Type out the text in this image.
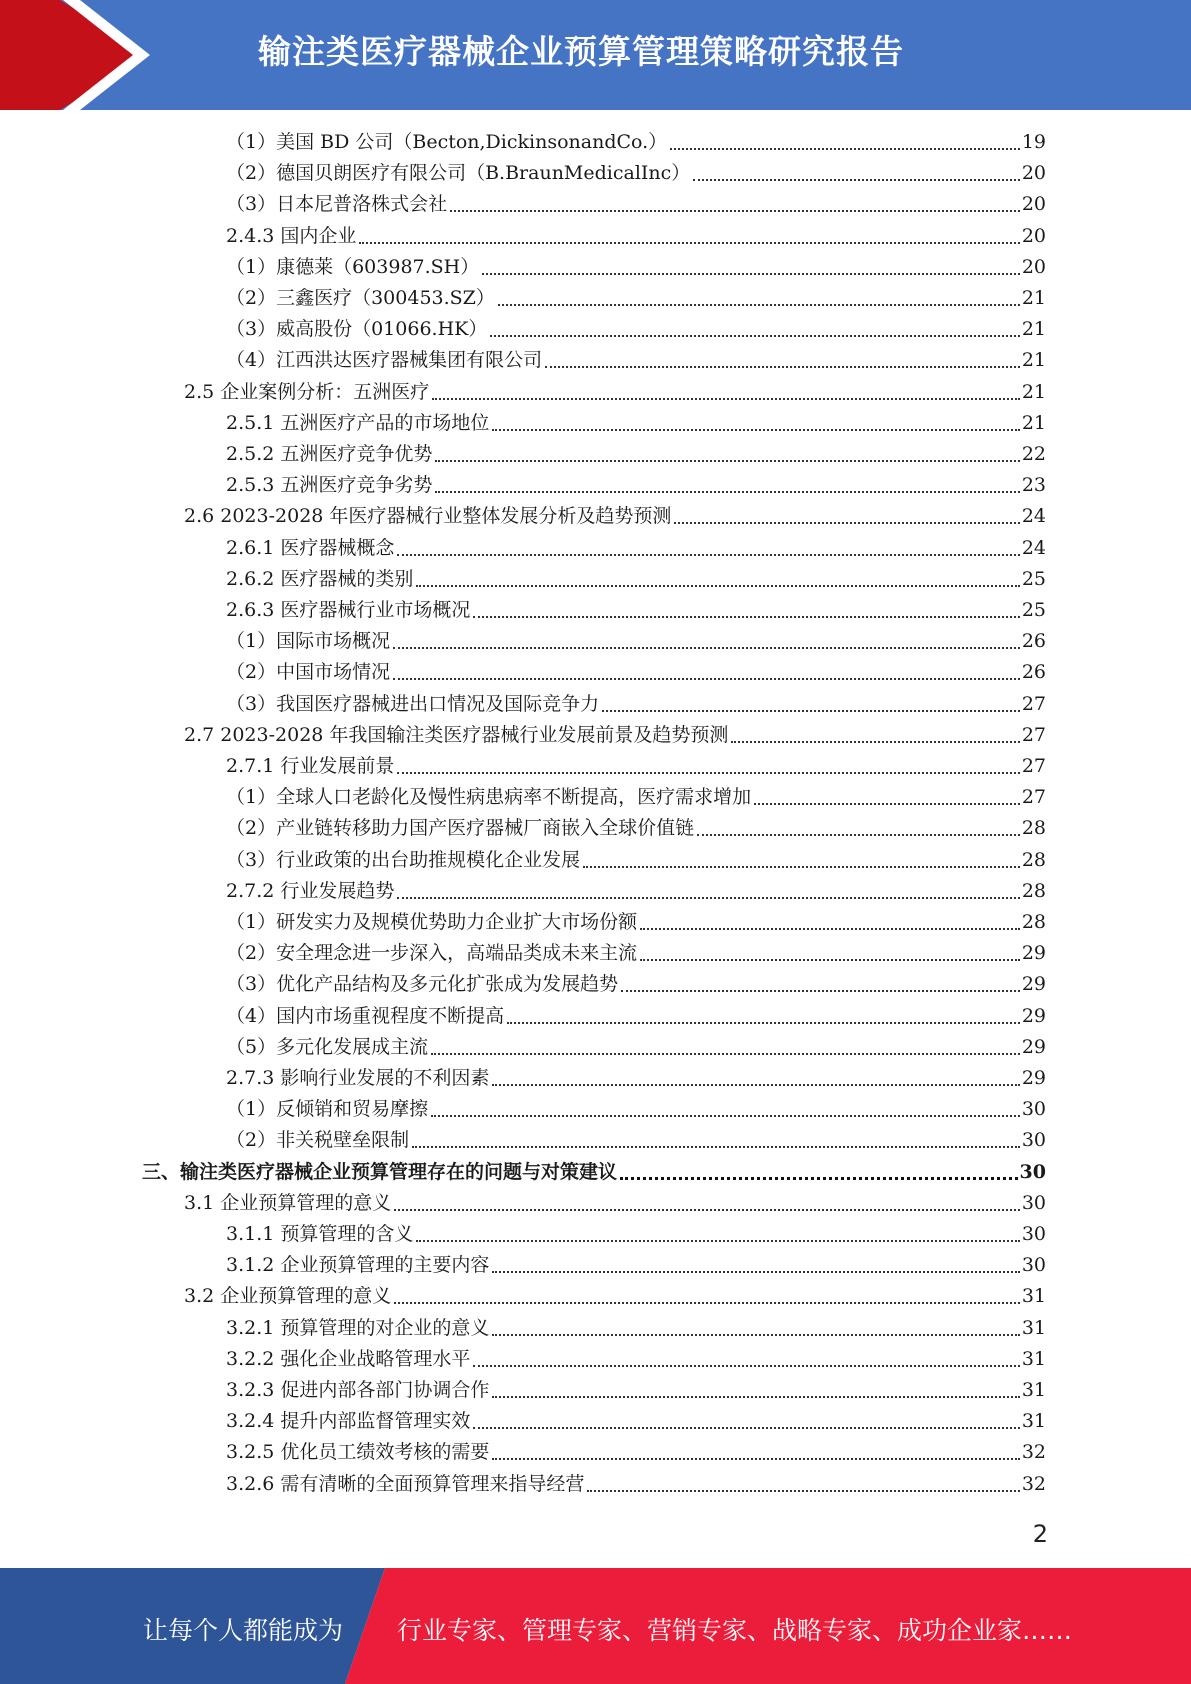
输注类医疗器械企业预算管理策略研究报告
（1）美国 BD 公司（Becton,DickinsonandCo.）	19
（2）德国贝朗医疗有限公司（B.BraunMedicalInc）	20
（3）日本尼普洛株式会社	20
2.4.3 国内企业	20
（1）康德莱（603987.SH）	20
（2）三鑫医疗（300453.SZ）	21
（3）威高股份（01066.HK）	21
（4）江西洪达医疗器械集团有限公司	21
2.5 企业案例分析：五洲医疗	21
2.5.1 五洲医疗产品的市场地位	21
2.5.2 五洲医疗竞争优势	22
2.5.3 五洲医疗竞争劣势	23
2.6 2023-2028 年医疗器械行业整体发展分析及趋势预测	24
2.6.1 医疗器械概念	24
2.6.2 医疗器械的类别	25
2.6.3 医疗器械行业市场概况	25
（1）国际市场概况	26
（2）中国市场情况	26
（3）我国医疗器械进出口情况及国际竞争力	27
2.7 2023-2028 年我国输注类医疗器械行业发展前景及趋势预测	27
2.7.1 行业发展前景	27
（1）全球人口老龄化及慢性病患病率不断提高，医疗需求增加	27
（2）产业链转移助力国产医疗器械厂商嵌入全球价值链	28
（3）行业政策的出台助推规模化企业发展	28
2.7.2 行业发展趋势	28
（1）研发实力及规模优势助力企业扩大市场份额	28
（2）安全理念进一步深入，高端品类成未来主流	29
（3）优化产品结构及多元化扩张成为发展趋势	29
（4）国内市场重视程度不断提高	29
（5）多元化发展成主流	29
2.7.3 影响行业发展的不利因素	29
（1）反倾销和贸易摩擦	30
（2）非关税壁垒限制	30
三、输注类医疗器械企业预算管理存在的问题与对策建议	30
3.1 企业预算管理的意义	30
3.1.1 预算管理的含义	30
3.1.2 企业预算管理的主要内容	30
3.2 企业预算管理的意义	31
3.2.1 预算管理的对企业的意义	31
3.2.2 强化企业战略管理水平	31
3.2.3 促进内部各部门协调合作	31
3.2.4 提升内部监督管理实效	31
3.2.5 优化员工绩效考核的需要	32
3.2.6 需有清晰的全面预算管理来指导经营	32
2
让每个人都能成为 行业专家、管理专家、营销专家、战略专家、成功企业家……
